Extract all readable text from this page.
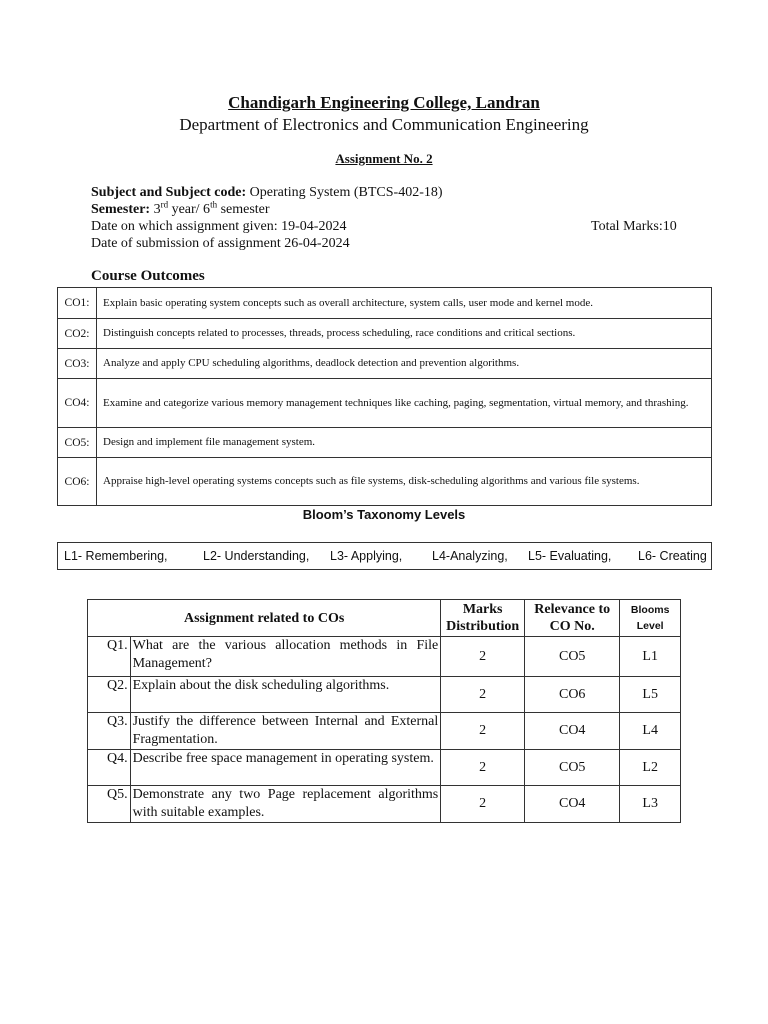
Chandigarh Engineering College, Landran
Department of Electronics and Communication Engineering
Assignment No. 2
Subject and Subject code: Operating System (BTCS-402-18)
Semester: 3rd year/ 6th semester
Date on which assignment given: 19-04-2024	Total Marks:10
Date of submission of assignment 26-04-2024
Course Outcomes
CO1:	Explain basic operating system concepts such as overall architecture, system calls, user mode and kernel mode.
CO2:	Distinguish concepts related to processes, threads, process scheduling, race conditions and critical sections.
CO3:	Analyze and apply CPU scheduling algorithms, deadlock detection and prevention algorithms.
CO4:	Examine and categorize various memory management techniques like caching, paging, segmentation, virtual memory, and thrashing.
CO5:	Design and implement file management system.
CO6:	Appraise high-level operating systems concepts such as file systems, disk-scheduling algorithms and various file systems.
Bloom’s Taxonomy Levels
L1- Remembering,	L2- Understanding, L3- Applying, L4-Analyzing, L5- Evaluating, L6- Creating
Assignment related to COs		Marks Distribution	Relevance to CO No.	Blooms Level
Q1.	What are the various allocation methods in File Management?	2	CO5	L1
Q2.	Explain about the disk scheduling algorithms.	2	CO6	L5
Q3.	Justify the difference between Internal and External Fragmentation.	2	CO4	L4
Q4.	Describe free space management in operating system.	2	CO5	L2
Q5.	Demonstrate any two Page replacement algorithms with suitable examples.	2	CO4	L3
